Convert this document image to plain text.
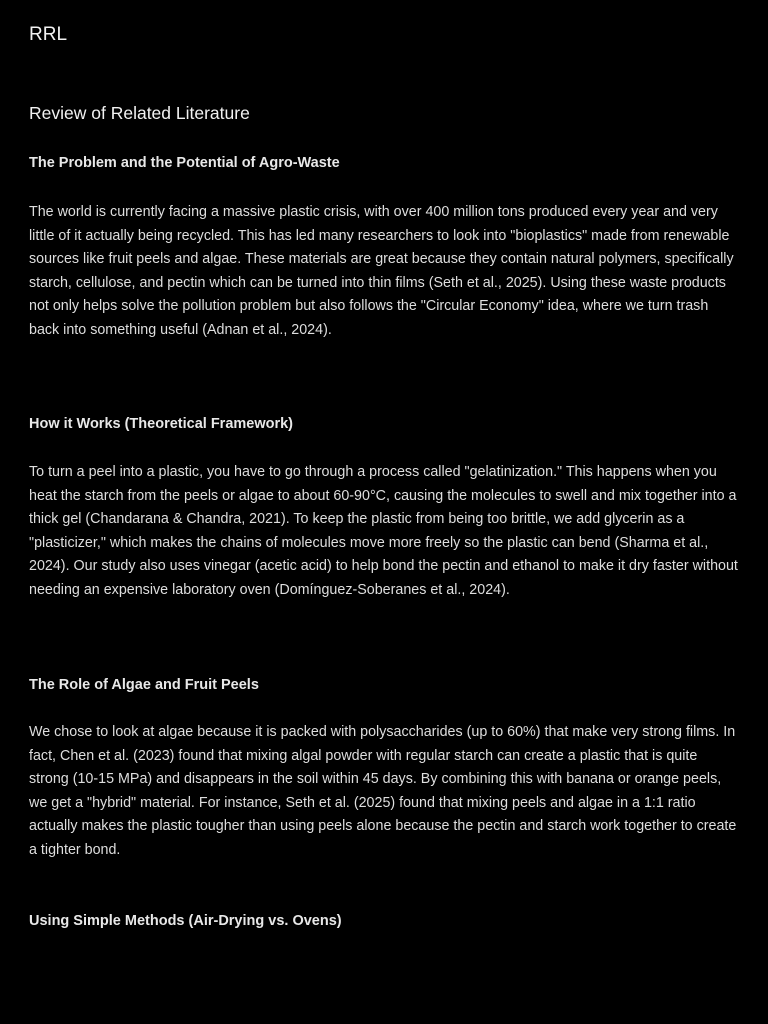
RRL
Review of Related Literature
The Problem and the Potential of Agro-Waste

The world is currently facing a massive plastic crisis, with over 400 million tons produced every year and very little of it actually being recycled. This has led many researchers to look into "bioplastics" made from renewable sources like fruit peels and algae. These materials are great because they contain natural polymers, specifically starch, cellulose, and pectin which can be turned into thin films (Seth et al., 2025). Using these waste products not only helps solve the pollution problem but also follows the "Circular Economy" idea, where we turn trash back into something useful (Adnan et al., 2024).

How it Works (Theoretical Framework)

To turn a peel into a plastic, you have to go through a process called "gelatinization." This happens when you heat the starch from the peels or algae to about 60-90°C, causing the molecules to swell and mix together into a thick gel (Chandarana & Chandra, 2021). To keep the plastic from being too brittle, we add glycerin as a "plasticizer," which makes the chains of molecules move more freely so the plastic can bend (Sharma et al., 2024). Our study also uses vinegar (acetic acid) to help bond the pectin and ethanol to make it dry faster without needing an expensive laboratory oven (Domínguez-Soberanes et al., 2024).

The Role of Algae and Fruit Peels

We chose to look at algae because it is packed with polysaccharides (up to 60%) that make very strong films. In fact, Chen et al. (2023) found that mixing algal powder with regular starch can create a plastic that is quite strong (10-15 MPa) and disappears in the soil within 45 days. By combining this with banana or orange peels, we get a "hybrid" material. For instance, Seth et al. (2025) found that mixing peels and algae in a 1:1 ratio actually makes the plastic tougher than using peels alone because the pectin and starch work together to create a tighter bond.

Using Simple Methods (Air-Drying vs. Ovens)
